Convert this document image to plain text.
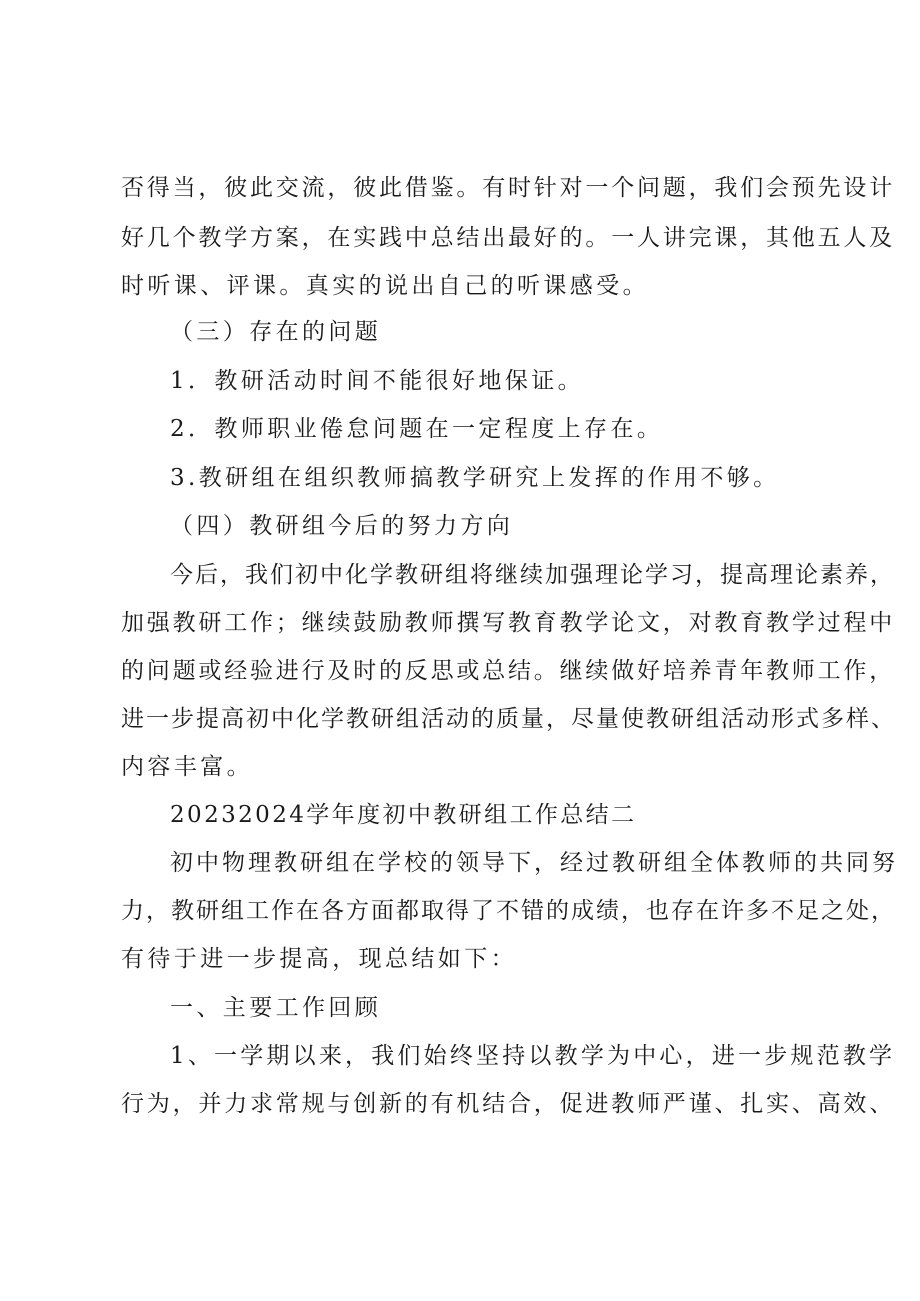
否得当，彼此交流，彼此借鉴。有时针对一个问题，我们会预先设计
好几个教学方案，在实践中总结出最好的。一人讲完课，其他五人及
时听课、评课。真实的说出自己的听课感受。
（三）存在的问题
1．教研活动时间不能很好地保证。
2．教师职业倦怠问题在一定程度上存在。
3.教研组在组织教师搞教学研究上发挥的作用不够。
（四）教研组今后的努力方向
今后，我们初中化学教研组将继续加强理论学习，提高理论素养，
加强教研工作；继续鼓励教师撰写教育教学论文，对教育教学过程中
的问题或经验进行及时的反思或总结。继续做好培养青年教师工作，
进一步提高初中化学教研组活动的质量，尽量使教研组活动形式多样、
内容丰富。
20232024学年度初中教研组工作总结二
初中物理教研组在学校的领导下，经过教研组全体教师的共同努
力，教研组工作在各方面都取得了不错的成绩，也存在许多不足之处，
有待于进一步提高，现总结如下：
一、主要工作回顾
1、一学期以来，我们始终坚持以教学为中心，进一步规范教学
行为，并力求常规与创新的有机结合，促进教师严谨、扎实、高效、
